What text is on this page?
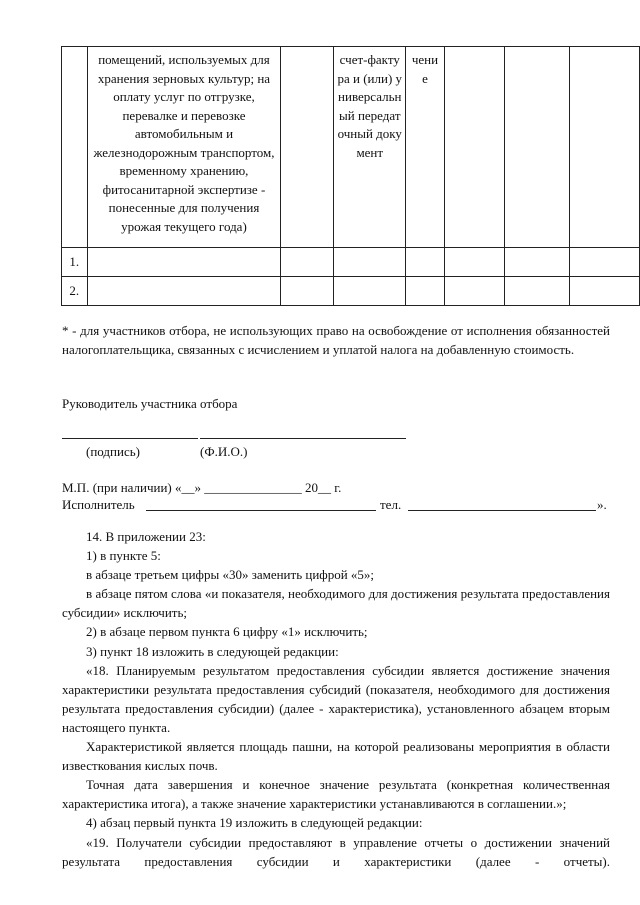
	помещений, используемых для хранения зерновых культур; на оплату услуг по отгрузке, перевалке и перевозке автомобильным и железнодорожным транспортом, временному хранению, фитосанитарной экспертизе - понесенные для получения урожая текущего года)		счет-фактура и (или) универсальный передаточный документ	чение			

1.							
2.							
* - для участников отбора, не использующих право на освобождение от исполнения обязанностей налогоплательщика, связанных с исчислением и уплатой налога на добавленную стоимость.
Руководитель участника отбора
(подпись)	(Ф.И.О.)
М.П. (при наличии) «__» _______________ 20__ г.
Исполнитель	тел.	».

14. В приложении 23:

1) в пункте 5:

в абзаце третьем цифры «30» заменить цифрой «5»;

в абзаце пятом слова «и показателя, необходимого для достижения результата предоставления субсидии» исключить;

2) в абзаце первом пункта 6 цифру «1» исключить;

3) пункт 18 изложить в следующей редакции:

«18. Планируемым результатом предоставления субсидии является достижение значения характеристики результата предоставления субсидий (показателя, необходимого для достижения результата предоставления субсидии) (далее - характеристика), установленного абзацем вторым настоящего пункта.

Характеристикой является площадь пашни, на которой реализованы мероприятия в области известкования кислых почв.

Точная дата завершения и конечное значение результата (конкретная количественная характеристика итога), а также значение характеристики устанавливаются в соглашении.»;

4) абзац первый пункта 19 изложить в следующей редакции:

«19. Получатели субсидии предоставляют в управление отчеты о достижении значений результата предоставления субсидии и характеристики (далее - отчеты).
